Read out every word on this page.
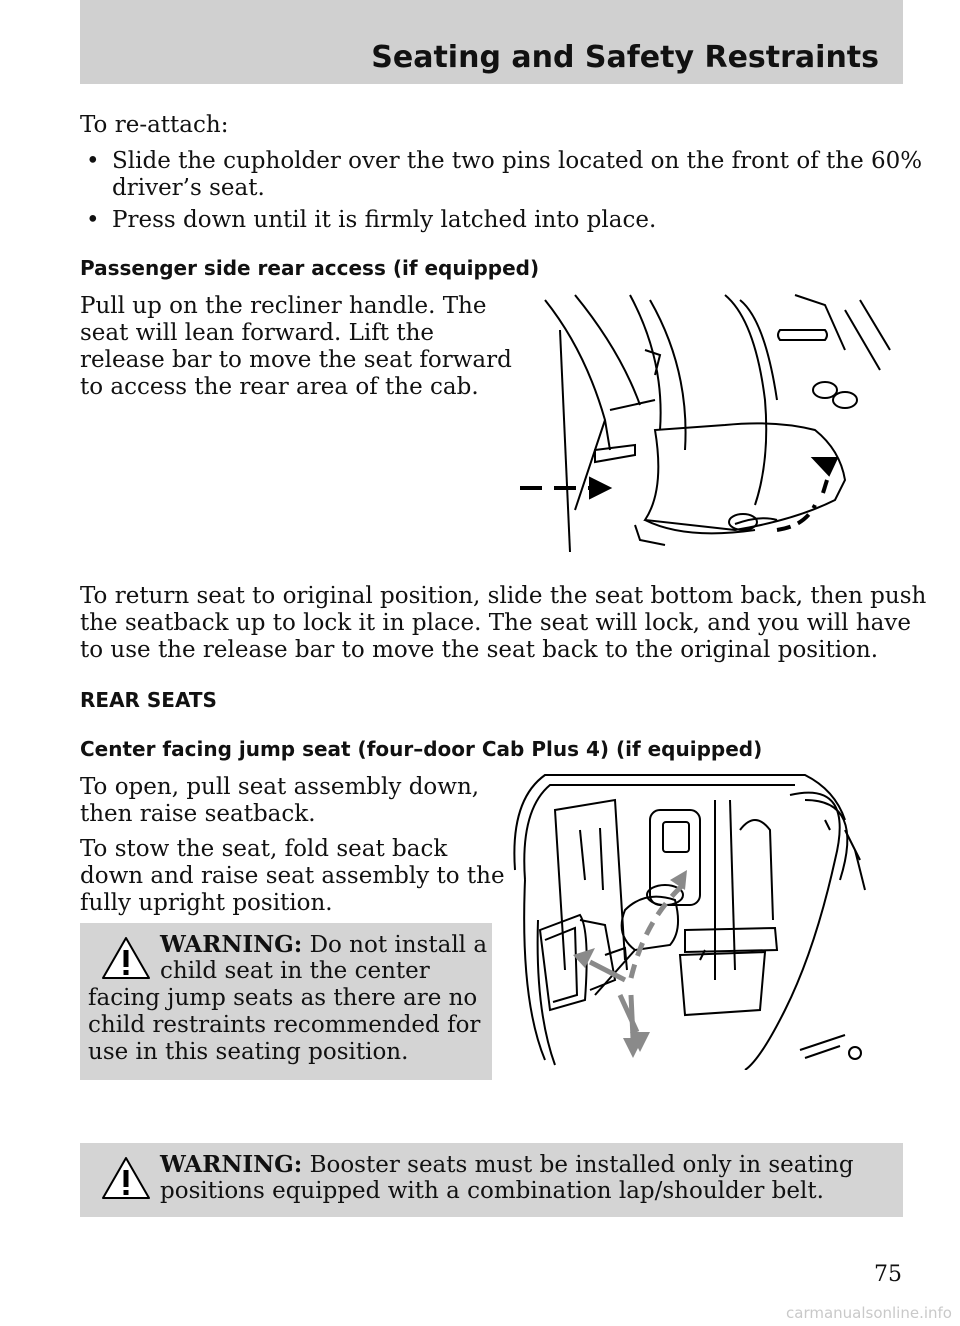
Seating and Safety Restraints
To re-attach:
• Slide the cupholder over the two pins located on the front of the 60%
driver’s seat.
• Press down until it is firmly latched into place.
Passenger side rear access (if equipped)
Pull up on the recliner handle. The
seat will lean forward. Lift the
release bar to move the seat forward
to access the rear area of the cab.
To return seat to original position, slide the seat bottom back, then push
the seatback up to lock it in place. The seat will lock, and you will have
to use the release bar to move the seat back to the original position.
REAR SEATS
Center facing jump seat (four–door Cab Plus 4) (if equipped)
To open, pull seat assembly down,
then raise seatback.
To stow the seat, fold seat back
down and raise seat assembly to the
fully upright position.
WARNING: Do not install a
child seat in the center
facing jump seats as there are no
child restraints recommended for
use in this seating position.
WARNING: Booster seats must be installed only in seating
positions equipped with a combination lap/shoulder belt.
75
carmanualsonline.info
